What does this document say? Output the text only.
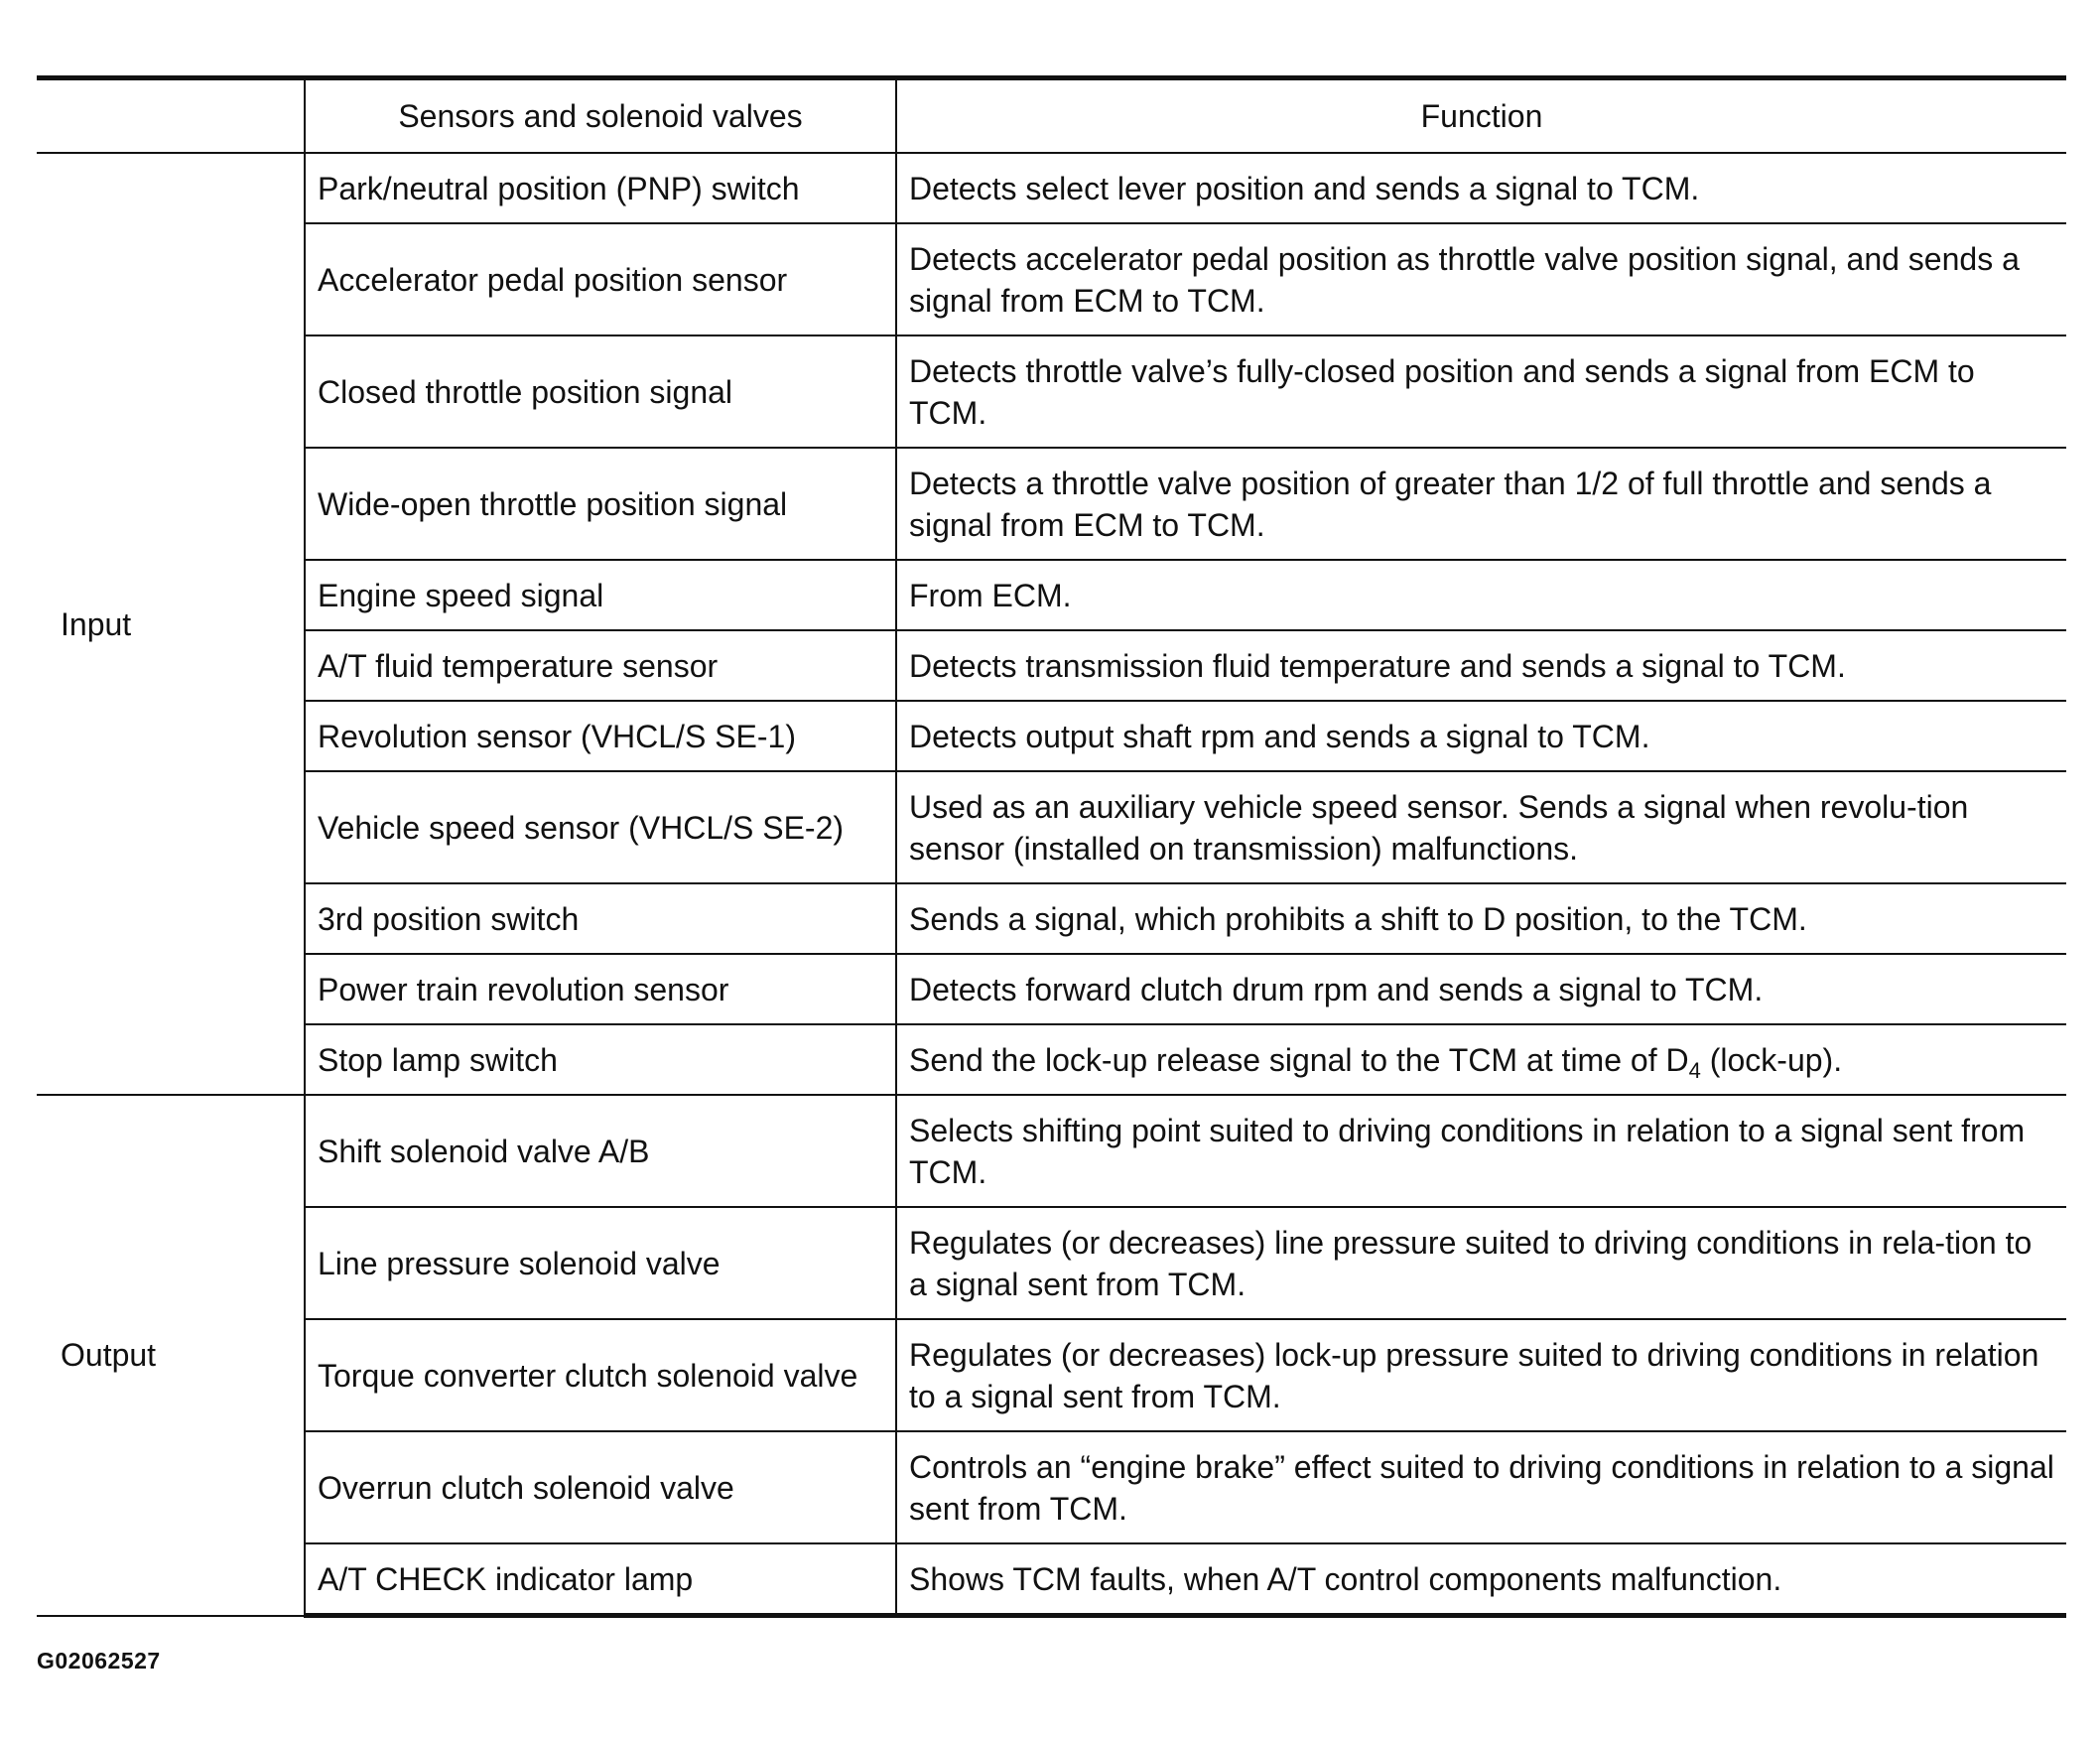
	Sensors and solenoid valves	Function
Input	Park/neutral position (PNP) switch	Detects select lever position and sends a signal to TCM.
	Accelerator pedal position sensor	Detects accelerator pedal position as throttle valve position signal, and sends a signal from ECM to TCM.
	Closed throttle position signal	Detects throttle valve’s fully-closed position and sends a signal from ECM to TCM.
	Wide-open throttle position signal	Detects a throttle valve position of greater than 1/2 of full throttle and sends a signal from ECM to TCM.
	Engine speed signal	From ECM.
	A/T fluid temperature sensor	Detects transmission fluid temperature and sends a signal to TCM.
	Revolution sensor (VHCL/S SE-1)	Detects output shaft rpm and sends a signal to TCM.
	Vehicle speed sensor (VHCL/S SE-2)	Used as an auxiliary vehicle speed sensor. Sends a signal when revolu-tion sensor (installed on transmission) malfunctions.
	3rd position switch	Sends a signal, which prohibits a shift to D position, to the TCM.
	Power train revolution sensor	Detects forward clutch drum rpm and sends a signal to TCM.
	Stop lamp switch	Send the lock-up release signal to the TCM at time of $D_4$ (lock-up).
Output	Shift solenoid valve A/B	Selects shifting point suited to driving conditions in relation to a signal sent from TCM.
	Line pressure solenoid valve	Regulates (or decreases) line pressure suited to driving conditions in rela-tion to a signal sent from TCM.
	Torque converter clutch solenoid valve	Regulates (or decreases) lock-up pressure suited to driving conditions in relation to a signal sent from TCM.
	Overrun clutch solenoid valve	Controls an “engine brake” effect suited to driving conditions in relation to a signal sent from TCM.
	A/T CHECK indicator lamp	Shows TCM faults, when A/T control components malfunction.
G02062527
